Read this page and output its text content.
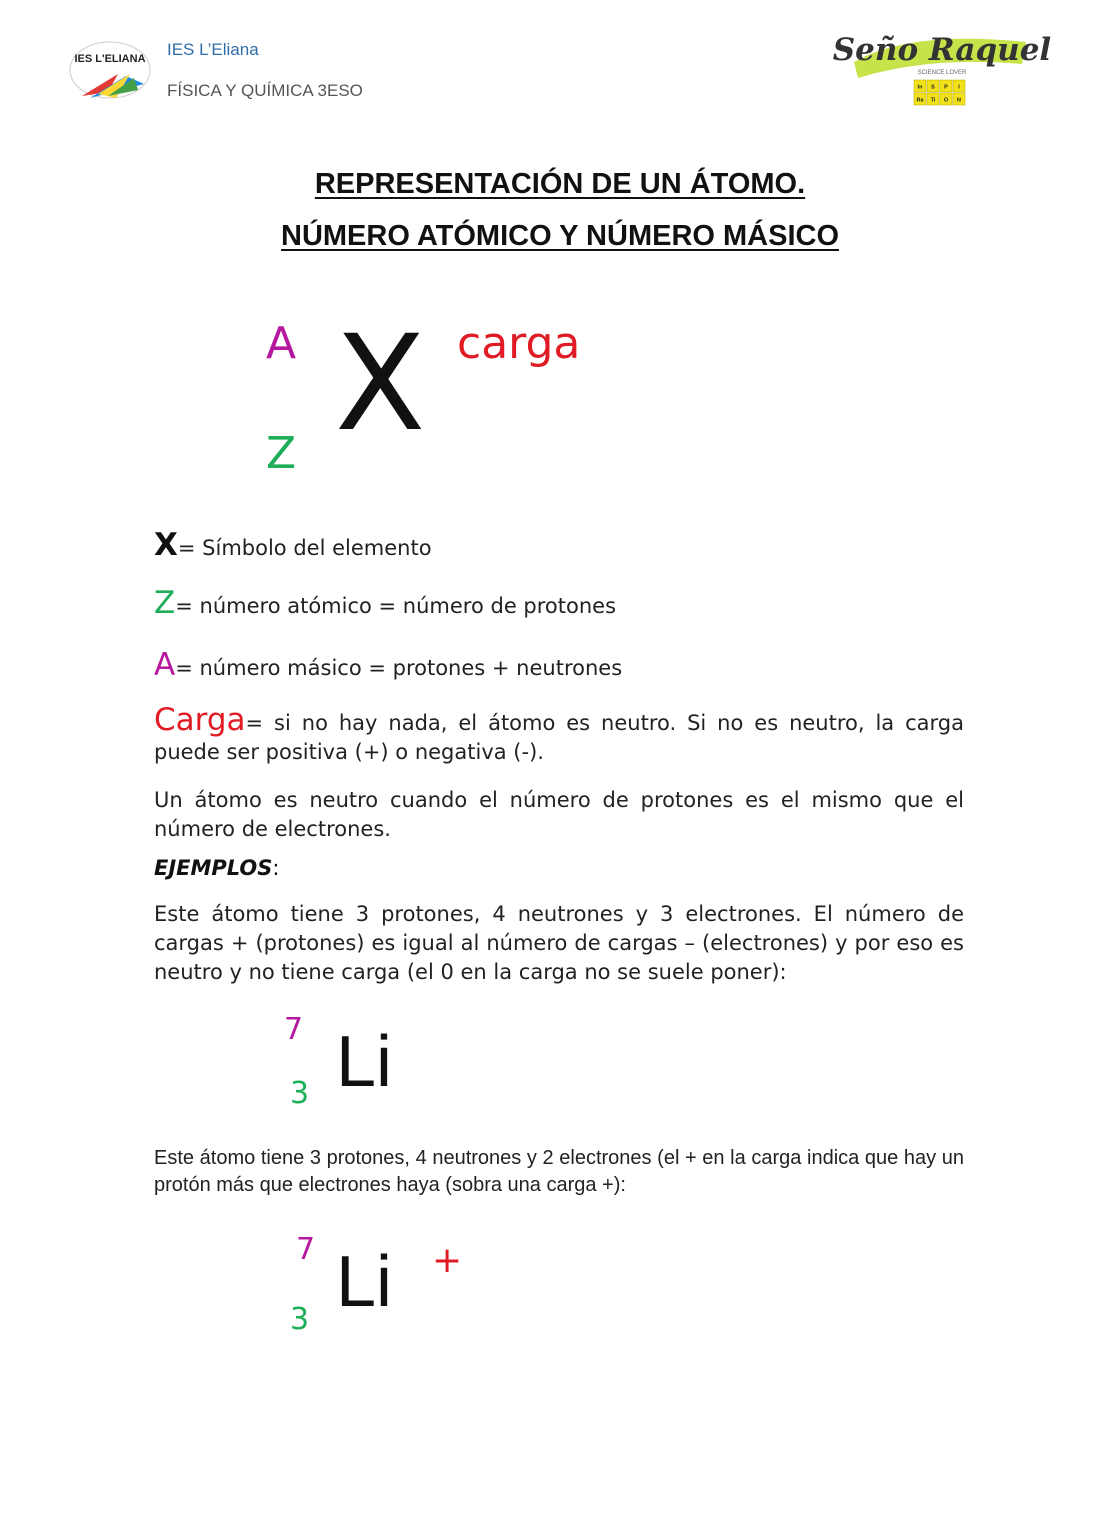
IES L'ELIANA IES L’Eliana
FÍSICA Y QUÍMICA 3ESO
Seño Raquel
SCIENCE LOVER
In S P I
Ra Ti O N
REPRESENTACIÓN DE UN ÁTOMO.
NÚMERO ATÓMICO Y NÚMERO MÁSICO
A
Z X carga
X= Símbolo del elemento
Z= número atómico = número de protones
A= número másico = protones + neutrones
Carga= si no hay nada, el átomo es neutro. Si no es neutro, la carga puede ser positiva (+) o negativa (-).
Un átomo es neutro cuando el número de protones es el mismo que el número de electrones.
EJEMPLOS:
Este átomo tiene 3 protones, 4 neutrones y 3 electrones. El número de cargas + (protones) es igual al número de cargas – (electrones) y por eso es neutro y no tiene carga (el 0 en la carga no se suele poner):
7
3 Li
Este átomo tiene 3 protones, 4 neutrones y 2 electrones (el + en la carga indica que hay un protón más que electrones haya (sobra una carga +):
7
3 Li +
